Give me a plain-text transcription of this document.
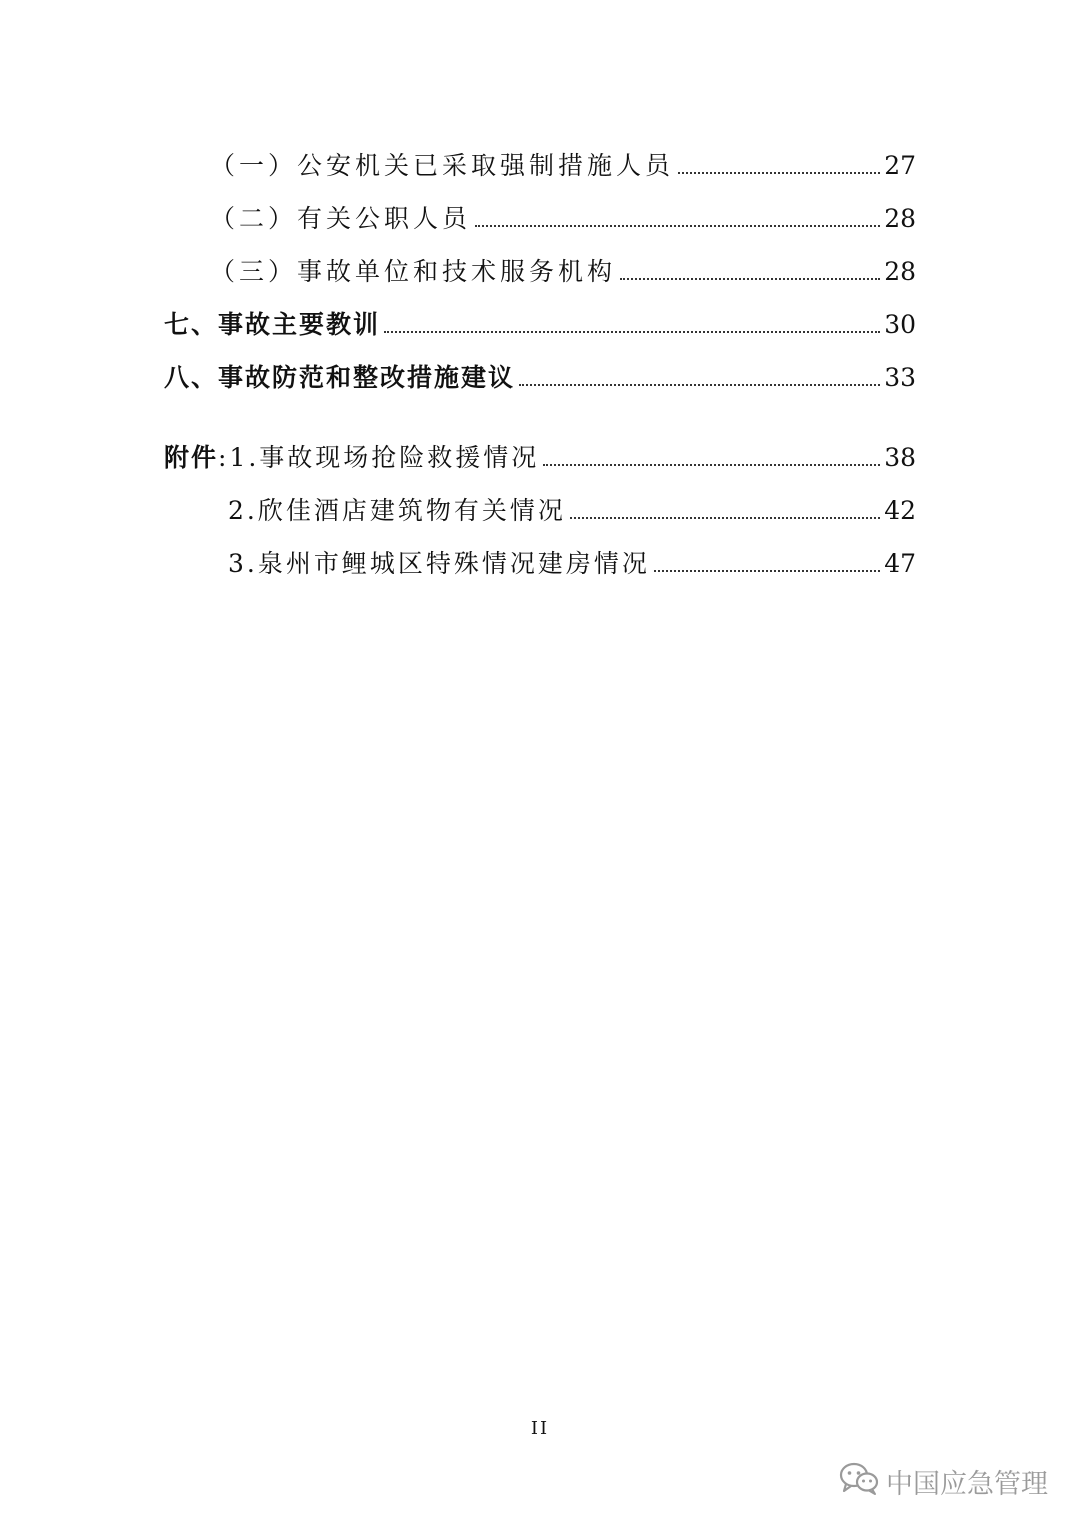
（一）公安机关已采取强制措施人员	27
（二）有关公职人员	28
（三）事故单位和技术服务机构	28
七、事故主要教训	30
八、事故防范和整改措施建议	33
附件 :1.事故现场抢险救援情况	38
2.欣佳酒店建筑物有关情况	42
3.泉州市鲤城区特殊情况建房情况	47
II
中国应急管理
